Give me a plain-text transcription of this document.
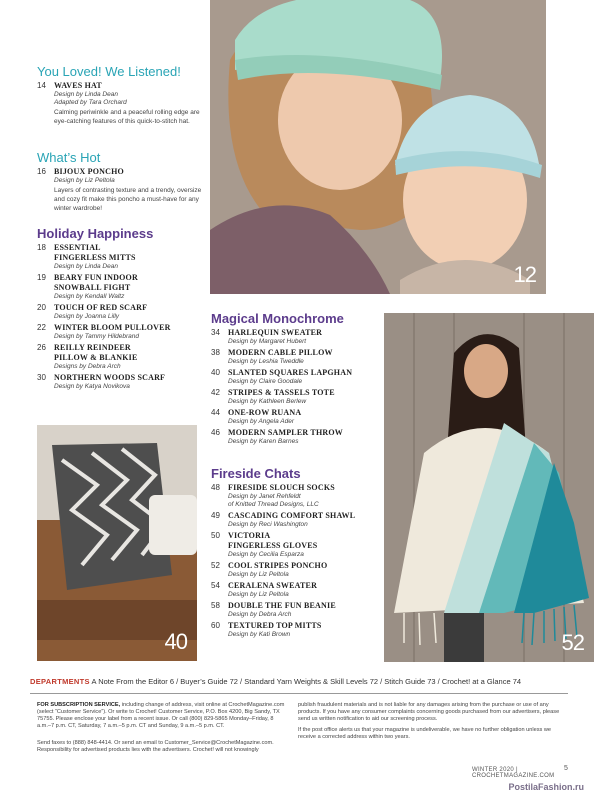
12
40	52
You Loved! We Listened!
14	WAVES HAT
Design by Linda Dean
Adapted by Tara Orchard
Calming periwinkle and a peaceful rolling edge are eye-catching features of this quick-to-stitch hat.
What’s Hot
16	BIJOUX PONCHO
Design by Liz Peltola
Layers of contrasting texture and a trendy, oversize and cozy fit make this poncho a must-have for any winter wardrobe!
Holiday Happiness
18	ESSENTIAL
FINGERLESS MITTS
Design by Linda Dean
19	BEARY FUN INDOOR
SNOWBALL FIGHT
Design by Kendall Waltz
20	TOUCH OF RED SCARF
Design by Joanna Lilly
22	WINTER BLOOM PULLOVER
Design by Tammy Hildebrand
26	REILLY REINDEER
PILLOW & BLANKIE
Designs by Debra Arch
30	NORTHERN WOODS SCARF
Design by Katya Novikova
Magical Monochrome
34	HARLEQUIN SWEATER
Design by Margaret Hubert
38	MODERN CABLE PILLOW
Design by Leshia Tweddle
40	SLANTED SQUARES LAPGHAN
Design by Claire Goodale
42	STRIPES & TASSELS TOTE
Design by Kathleen Berlew
44	ONE-ROW RUANA
Design by Angela Ader
46	MODERN SAMPLER THROW
Design by Karen Barnes
Fireside Chats
48	FIRESIDE SLOUCH SOCKS
Design by Janet Rehfeldt
of Knitted Thread Designs, LLC
49	CASCADING COMFORT SHAWL
Design by Reci Washington
50	VICTORIA
FINGERLESS GLOVES
Design by Cecilia Esparza
52	COOL STRIPES PONCHO
Design by Liz Peltola
54	CERALENA SWEATER
Design by Liz Peltola
58	DOUBLE THE FUN BEANIE
Design by Debra Arch
60	TEXTURED TOP MITTS
Design by Kati Brown
DEPARTMENTS A Note From the Editor 6 / Buyer’s Guide 72 / Standard Yarn Weights & Skill Levels 72 / Stitch Guide 73 / Crochet! at a Glance 74
FOR SUBSCRIPTION SERVICE, including change of address, visit online at CrochetMagazine.com (select “Customer Service”). Or write to Crochet! Customer Service, P.O. Box 4200, Big Sandy, TX 75755. Please enclose your label from a recent issue. Or call (800) 829-5865 Monday–Friday, 8 a.m.–7 p.m. CT, Saturday, 7 a.m.–5 p.m. CT and Sunday, 9 a.m.–5 p.m. CT.
Send faxes to (888) 848-4414. Or send an email to Customer_Service@CrochetMagazine.com. Responsibility for advertised products lies with the advertisers. Crochet! will not knowingly
publish fraudulent materials and is not liable for any damages arising from the purchase or use of any products. If you have any consumer complaints concerning goods purchased from our advertisers, please send us written notification to aid our screening process.
If the post office alerts us that your magazine is undeliverable, we have no further obligation unless we receive a corrected address within two years.
WINTER 2020 | CROCHETMAGAZINE.COM
5
PostilaFashion.ru
